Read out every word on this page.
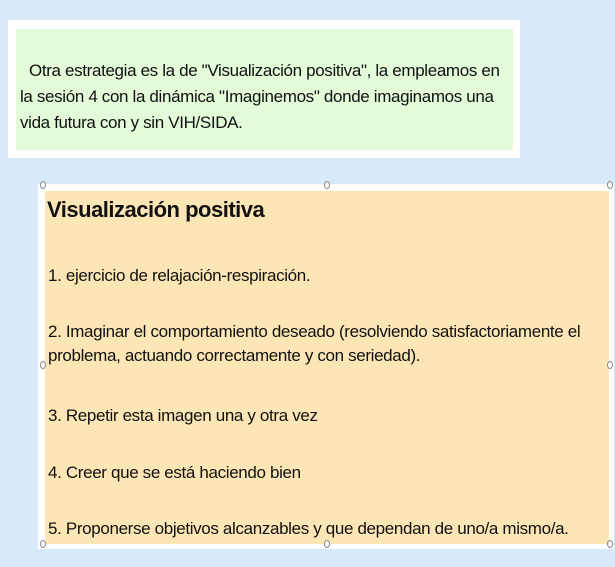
Otra estrategia es la de "Visualización positiva", la empleamos en la sesión 4 con la dinámica "Imaginemos" donde imaginamos una vida futura con y sin VIH/SIDA.
Visualización positiva
1. ejercicio de relajación-respiración.
2. Imaginar el comportamiento deseado (resolviendo satisfactoriamente el problema, actuando correctamente y con seriedad).
3. Repetir esta imagen una y otra vez
4. Creer que se está haciendo bien
5. Proponerse objetivos alcanzables y que dependan de uno/a mismo/a.
